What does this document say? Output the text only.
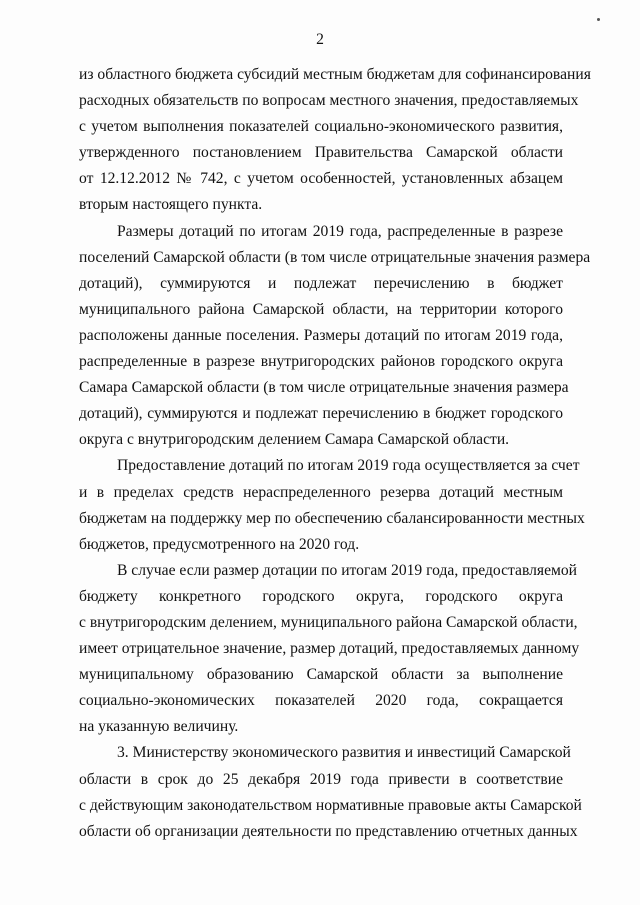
2
из областного бюджета субсидий местным бюджетам для софинансирования
расходных обязательств по вопросам местного значения, предоставляемых
с учетом выполнения показателей социально-экономического развития,
утвержденного постановлением Правительства Самарской области
от 12.12.2012 № 742, с учетом особенностей, установленных абзацем
вторым настоящего пункта.
Размеры дотаций по итогам 2019 года, распределенные в разрезе
поселений Самарской области (в том числе отрицательные значения размера
дотаций), суммируются и подлежат перечислению в бюджет
муниципального района Самарской области, на территории которого
расположены данные поселения. Размеры дотаций по итогам 2019 года,
распределенные в разрезе внутригородских районов городского округа
Самара Самарской области (в том числе отрицательные значения размера
дотаций), суммируются и подлежат перечислению в бюджет городского
округа с внутригородским делением Самара Самарской области.
Предоставление дотаций по итогам 2019 года осуществляется за счет
и в пределах средств нераспределенного резерва дотаций местным
бюджетам на поддержку мер по обеспечению сбалансированности местных
бюджетов, предусмотренного на 2020 год.
В случае если размер дотации по итогам 2019 года, предоставляемой
бюджету конкретного городского округа, городского округа
с внутригородским делением, муниципального района Самарской области,
имеет отрицательное значение, размер дотаций, предоставляемых данному
муниципальному образованию Самарской области за выполнение
социально-экономических показателей 2020 года, сокращается
на указанную величину.
3. Министерству экономического развития и инвестиций Самарской
области в срок до 25 декабря 2019 года привести в соответствие
с действующим законодательством нормативные правовые акты Самарской
области об организации деятельности по представлению отчетных данных
